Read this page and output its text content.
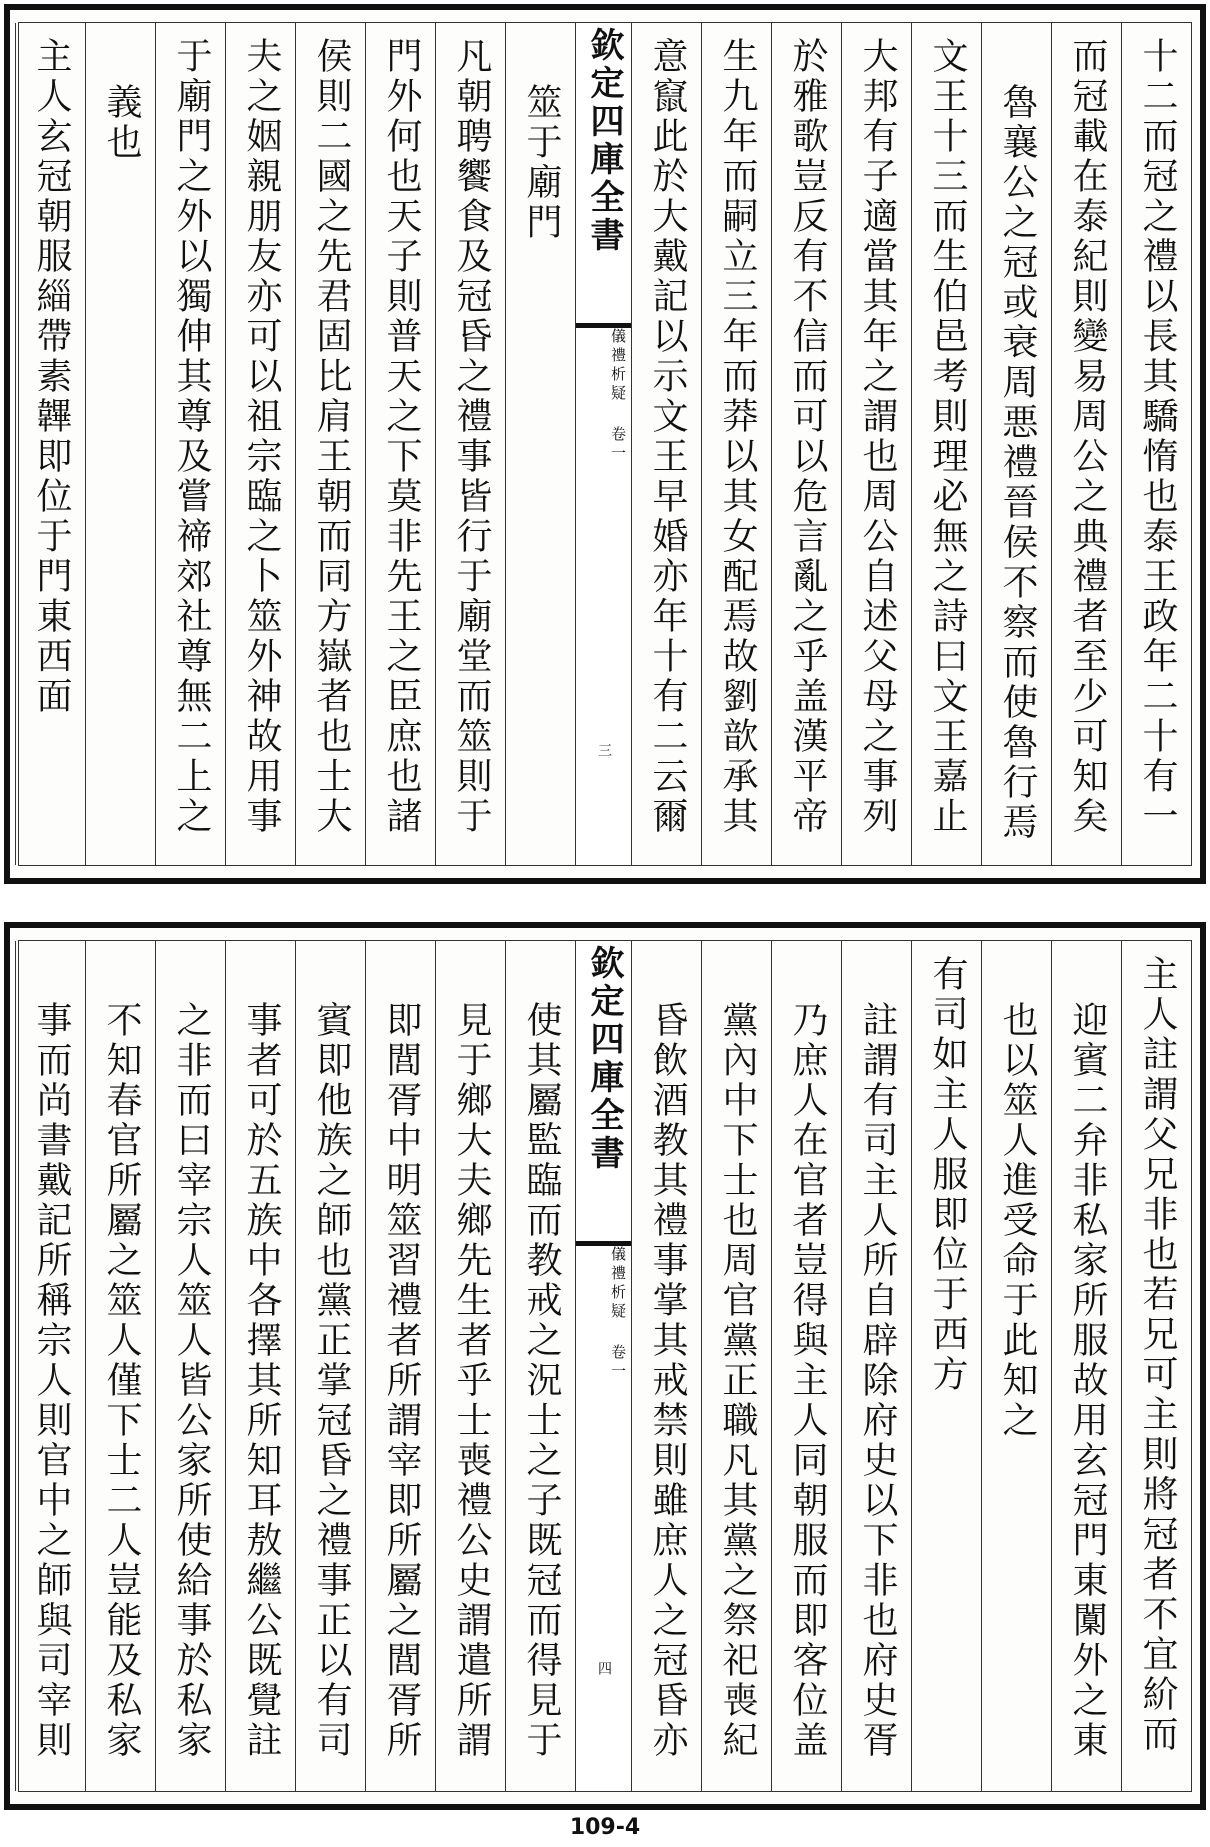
十二而冠之禮以長其驕惰也泰王政年二十有一
而冠載在泰紀則變易周公之典禮者至少可知矣
魯襄公之冠或衰周悪禮晉侯不察而使魯行焉
文王十三而生伯邑考則理必無之詩曰文王嘉止
大邦有子適當其年之謂也周公自述父母之事列
於雅歌豈反有不信而可以危言亂之乎盖漢平帝
生九年而嗣立三年而莽以其女配焉故劉歆承其
意竄此於大戴記以示文王早婚亦年十有二云爾
欽定四庫全書
儀禮析疑 卷一
三
筮于廟門
凡朝聘饗食及冠昏之禮事皆行于廟堂而筮則于
門外何也天子則普天之下莫非先王之臣庶也諸
侯則二國之先君固比肩王朝而同方嶽者也士大
夫之姻親朋友亦可以祖宗臨之卜筮外神故用事
于廟門之外以獨伸其尊及嘗禘郊社尊無二上之
義也
主人玄冠朝服緇帶素韠即位于門東西面
主人註謂父兄非也若兄可主則將冠者不宜紒而
迎賓二弁非私家所服故用玄冠門東闑外之東
也以筮人進受命于此知之
有司如主人服即位于西方
註謂有司主人所自辟除府史以下非也府史胥
乃庶人在官者豈得與主人同朝服而即客位盖
黨內中下士也周官黨正職凡其黨之祭祀喪紀
昏飲酒教其禮事掌其戒禁則雖庶人之冠昏亦
欽定四庫全書
儀禮析疑 卷一
四
使其屬監臨而教戒之況士之子既冠而得見于
見于鄉大夫鄉先生者乎士喪禮公史謂遣所謂
即閭胥中明筮習禮者所謂宰即所屬之閭胥所
賓即他族之師也黨正掌冠昏之禮事正以有司
事者可於五族中各擇其所知耳敖繼公既覺註
之非而曰宰宗人筮人皆公家所使給事於私家
不知春官所屬之筮人僅下士二人豈能及私家
事而尚書戴記所稱宗人則官中之師與司宰則
109-4
